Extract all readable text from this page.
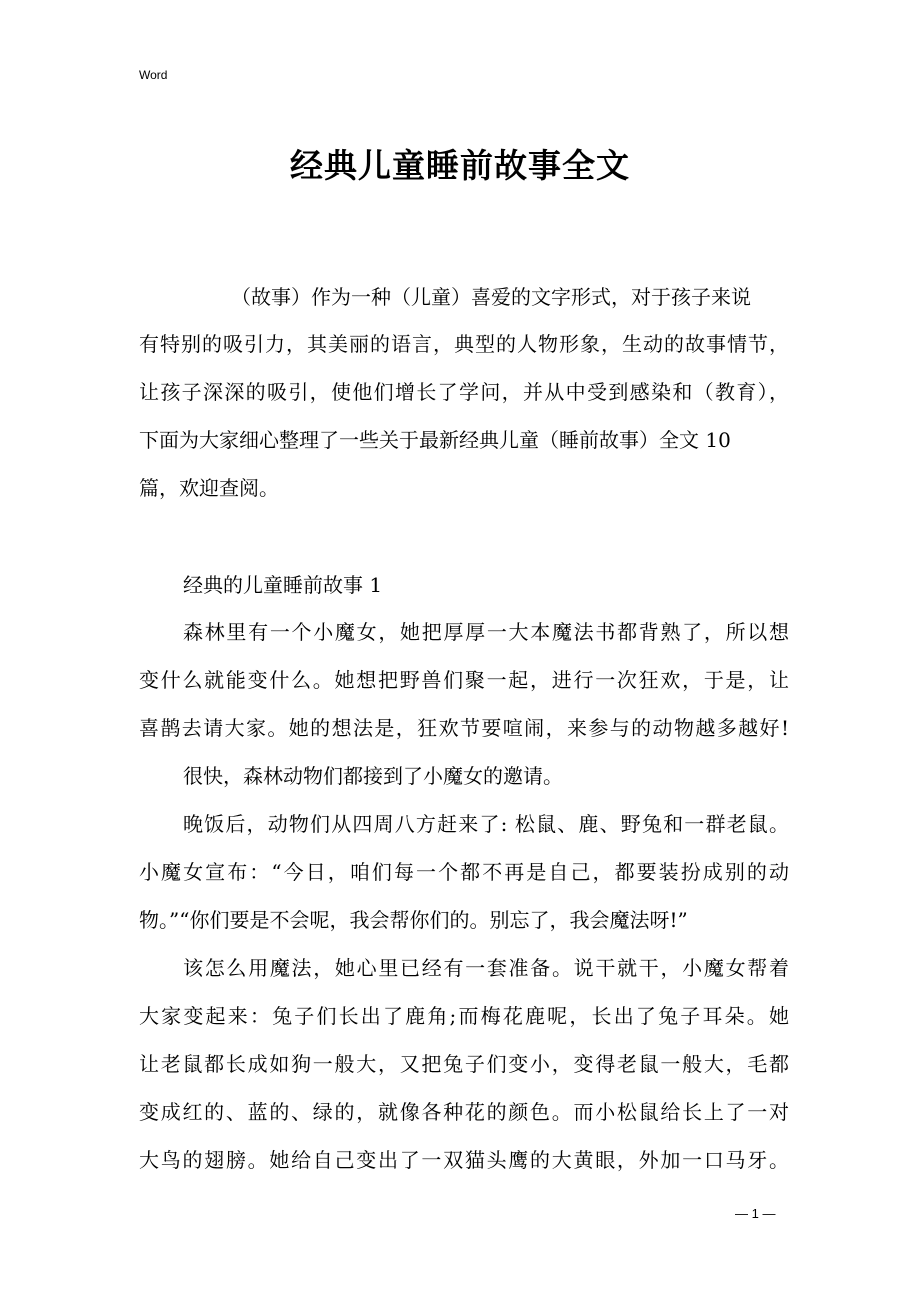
Word
经典儿童睡前故事全文
（故事）作为一种（儿童）喜爱的文字形式，对于孩子来说
有特别的吸引力，其美丽的语言，典型的人物形象，生动的故事情节，
让孩子深深的吸引，使他们增长了学问，并从中受到感染和（教育），
下面为大家细心整理了一些关于最新经典儿童（睡前故事）全文 10
篇，欢迎查阅。
经典的儿童睡前故事 1
森林里有一个小魔女，她把厚厚一大本魔法书都背熟了，所以想
变什么就能变什么。她想把野兽们聚一起，进行一次狂欢，于是，让
喜鹊去请大家。她的想法是，狂欢节要喧闹，来参与的动物越多越好!
很快，森林动物们都接到了小魔女的邀请。
晚饭后，动物们从四周八方赶来了: 松鼠、鹿、野兔和一群老鼠。
小魔女宣布：“今日，咱们每一个都不再是自己，都要装扮成别的动
物。”“你们要是不会呢，我会帮你们的。别忘了，我会魔法呀!”
该怎么用魔法，她心里已经有一套准备。说干就干，小魔女帮着
大家变起来：兔子们长出了鹿角;而梅花鹿呢，长出了兔子耳朵。她
让老鼠都长成如狗一般大，又把兔子们变小，变得老鼠一般大，毛都
变成红的、蓝的、绿的，就像各种花的颜色。而小松鼠给长上了一对
大鸟的翅膀。她给自己变出了一双猫头鹰的大黄眼，外加一口马牙。
— 1 —
